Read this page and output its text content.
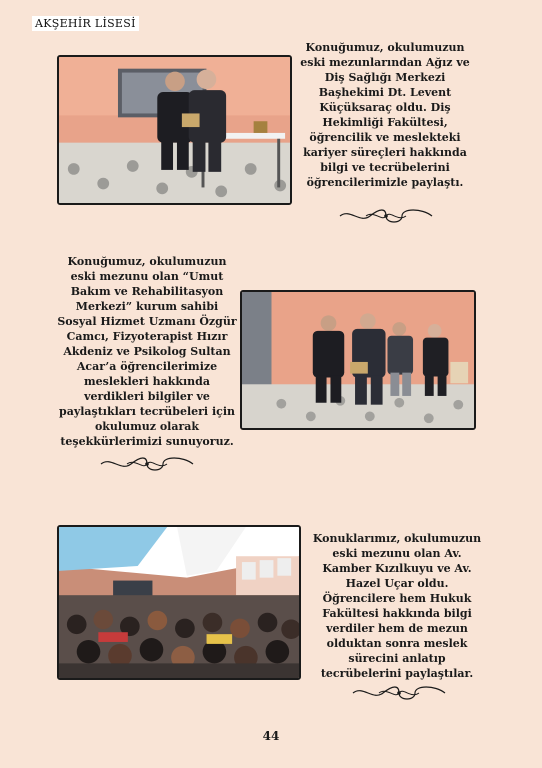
AKŞEHİR LİSESİ
Konuğumuz, okulumuzun eski mezunlarından Ağız ve Diş Sağlığı Merkezi Başhekimi Dt. Levent Küçüksaraç oldu. Diş Hekimliği Fakültesi, öğrencilik ve meslekteki kariyer süreçleri hakkında bilgi ve tecrübelerini öğrencilerimizle paylaştı.
Konuğumuz, okulumuzun eski mezunu olan “Umut Bakım ve Rehabilitasyon Merkezi” kurum sahibi Sosyal Hizmet Uzmanı Özgür Camcı, Fizyoterapist Hızır Akdeniz ve Psikolog Sultan Acar’a öğrencilerimize meslekleri hakkında verdikleri bilgiler ve paylaştıkları tecrübeleri için okulumuz olarak teşekkürlerimizi sunuyoruz.
Konuklarımız, okulumuzun eski mezunu olan Av. Kamber Kızılkuyu ve Av. Hazel Uçar oldu. Öğrencilere hem Hukuk Fakültesi hakkında bilgi verdiler hem de mezun olduktan sonra meslek sürecini anlatıp tecrübelerini paylaştılar.
44
